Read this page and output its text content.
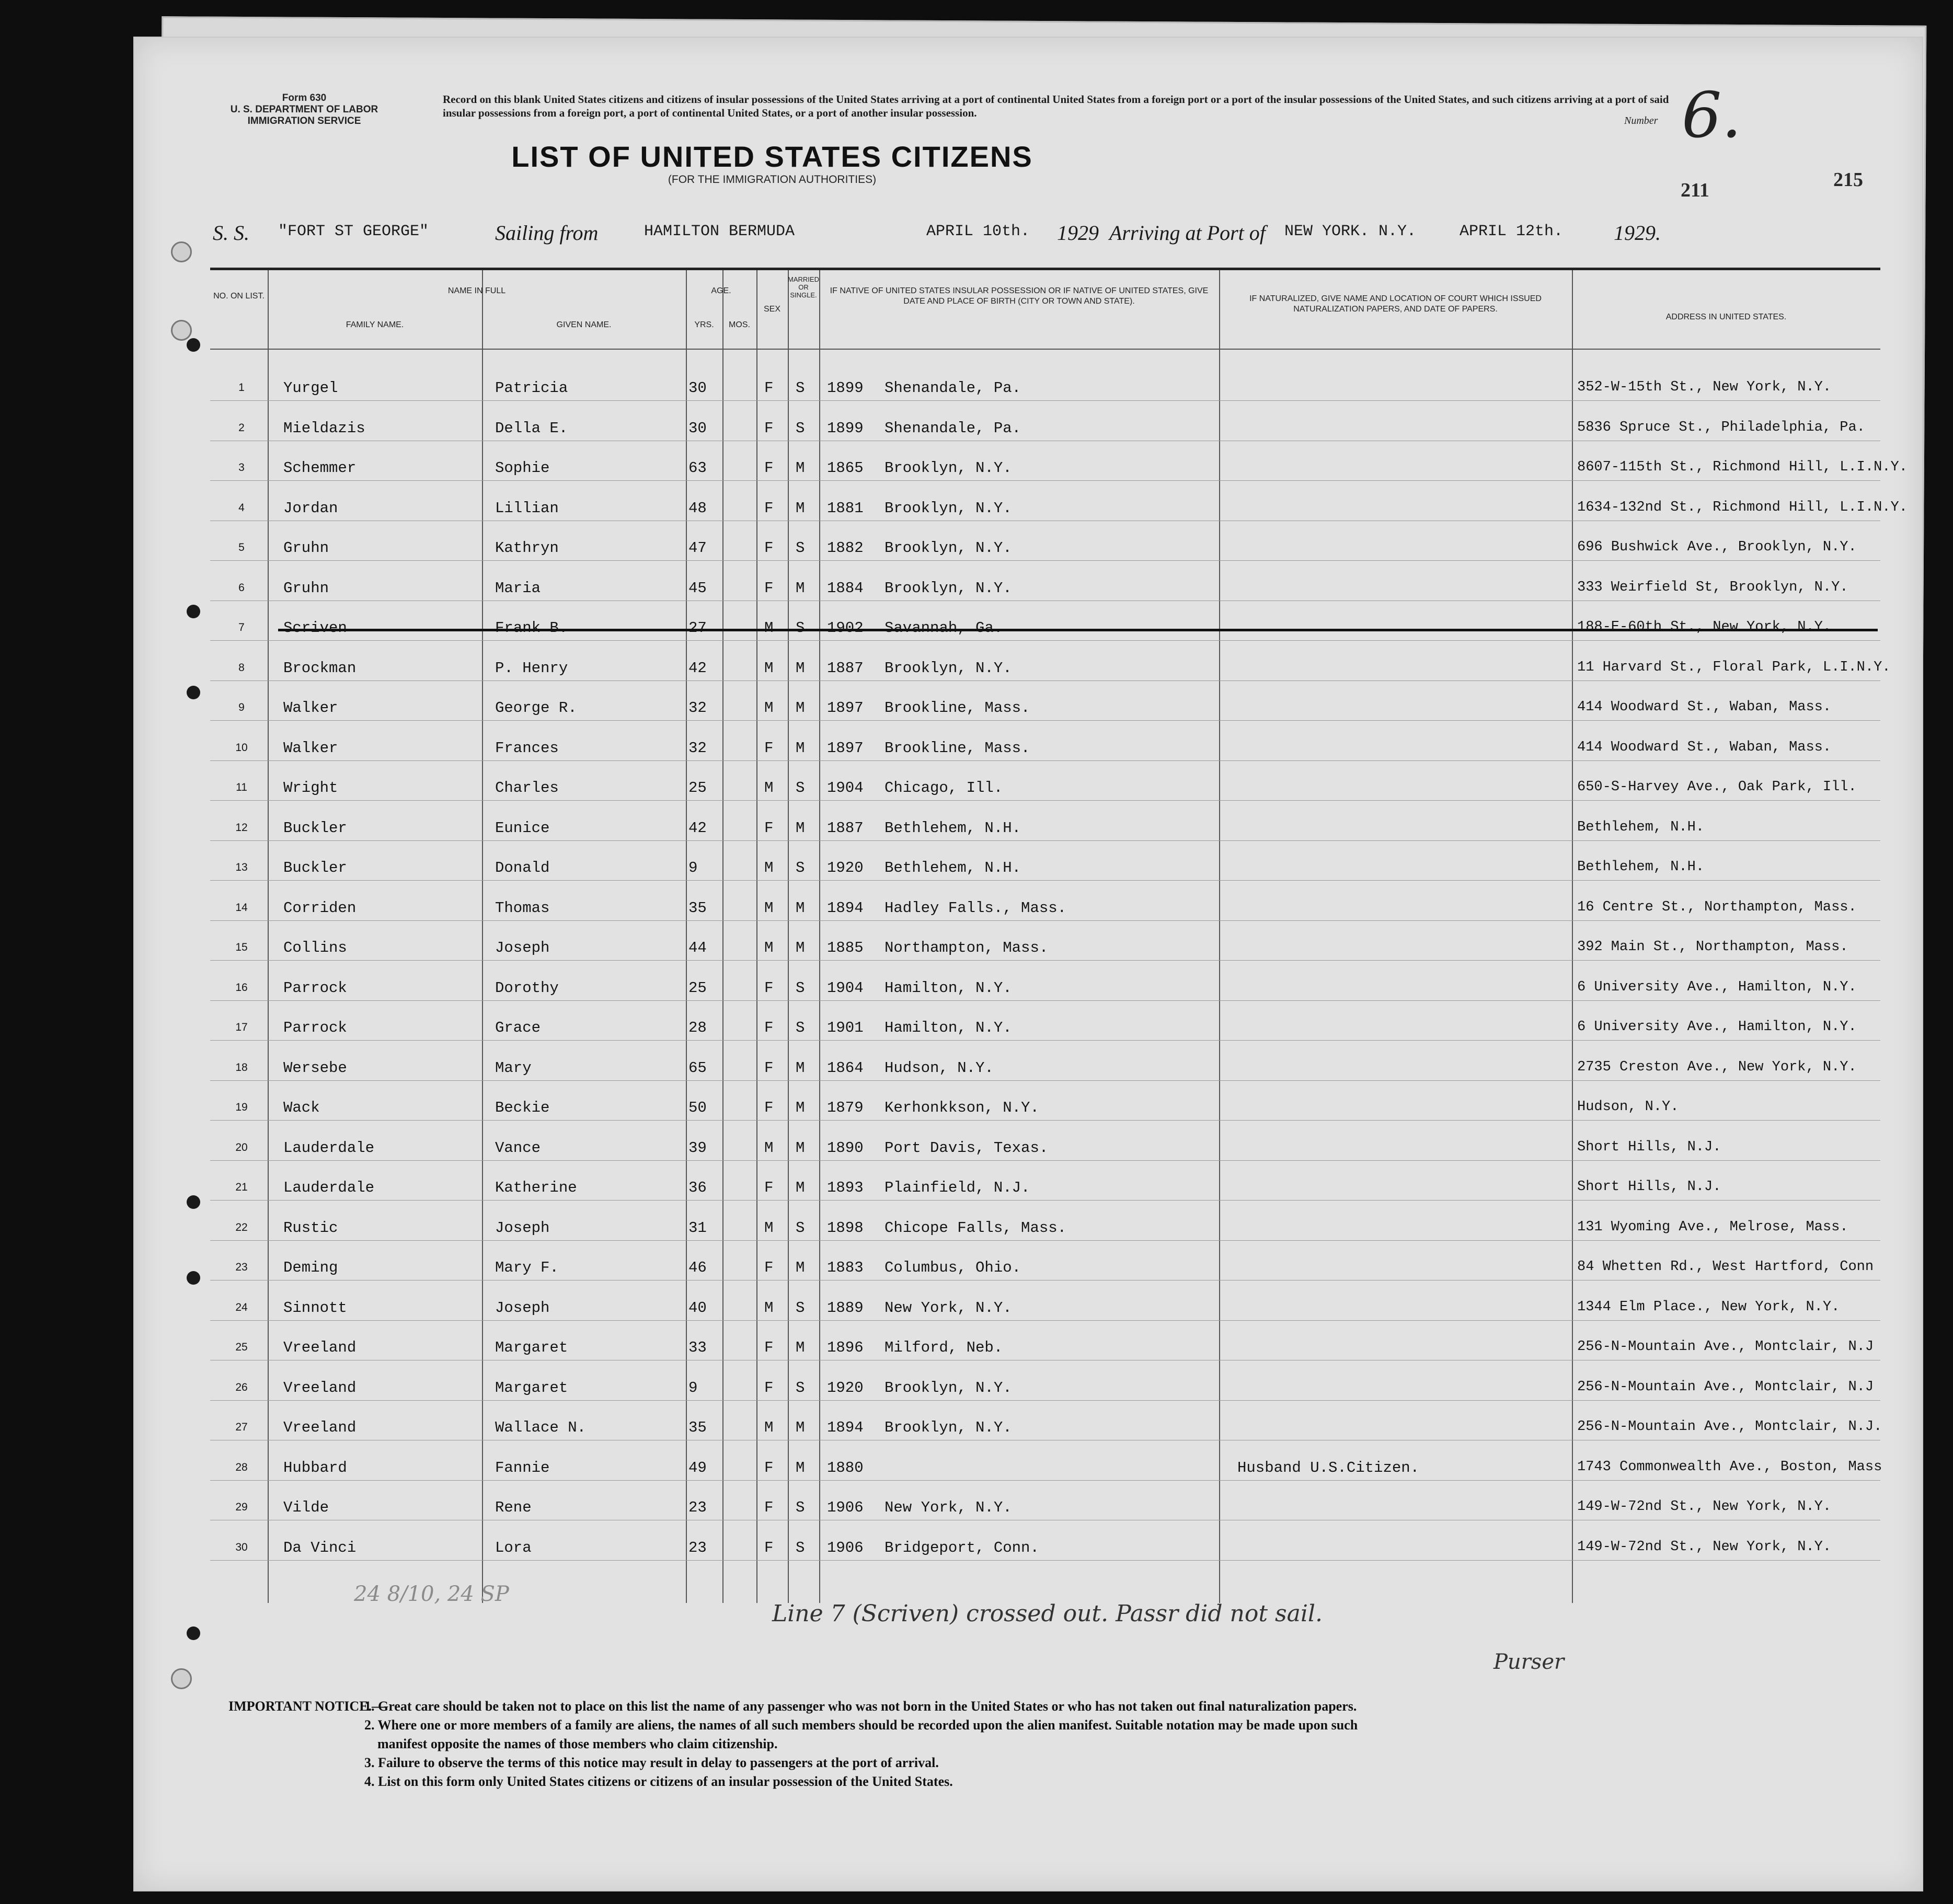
Form 630
U. S. DEPARTMENT OF LABOR
IMMIGRATION SERVICE
Record on this blank United States citizens and citizens of insular possessions of the United States arriving at a port of continental United States from a foreign port or a port of the insular possessions of the United States, and such citizens arriving at a port of said insular possessions from a foreign port, a port of continental United States, or a port of another insular possession.
Number 6.
211	215
LIST OF UNITED STATES CITIZENS
(FOR THE IMMIGRATION AUTHORITIES)
S. S. "FORT ST GEORGE"	Sailing from	HAMILTON BERMUDA	APRIL 10th. 1929 Arriving at Port of NEW YORK. N.Y.	APRIL 12th. 1929.
NO. ON LIST.
NAME IN FULL
FAMILY NAME.	GIVEN NAME.
AGE.
YRS.	MOS.
SEX
MARRIED OR SINGLE.	IF NATIVE OF UNITED STATES INSULAR POSSESSION OR IF NATIVE OF UNITED STATES, GIVE DATE AND PLACE OF BIRTH (CITY OR TOWN AND STATE).	IF NATURALIZED, GIVE NAME AND LOCATION OF COURT WHICH ISSUED NATURALIZATION PAPERS, AND DATE OF PAPERS.
ADDRESS IN UNITED STATES.
1	Yurgel	Patricia	30	F S 1899 Shenandale, Pa.	352-W-15th St., New York, N.Y.
2	Mieldazis	Della E.	30	F S 1899 Shenandale, Pa.	5836 Spruce St., Philadelphia, Pa.
3	Schemmer	Sophie	63	F M 1865 Brooklyn, N.Y.	8607-115th St., Richmond Hill, L.I.N.Y.
4	Jordan	Lillian	48	F M 1881 Brooklyn, N.Y.	1634-132nd St., Richmond Hill, L.I.N.Y.
5	Gruhn	Kathryn	47	F S 1882 Brooklyn, N.Y.	696 Bushwick Ave., Brooklyn, N.Y.
6	Gruhn	Maria	45	F M 1884 Brooklyn, N.Y.	333 Weirfield St, Brooklyn, N.Y.
7	Scriven	Frank B.	27	M S 1902 Savannah, Ga.	188-E-60th St., New York, N.Y.
8	Brockman	P. Henry	42	M M 1887 Brooklyn, N.Y.	11 Harvard St., Floral Park, L.I.N.Y.
9	Walker	George R.	32	M M 1897 Brookline, Mass.	414 Woodward St., Waban, Mass.
10 Walker	Frances	32	F M 1897 Brookline, Mass.	414 Woodward St., Waban, Mass.
11 Wright	Charles	25	M S 1904 Chicago, Ill.	650-S-Harvey Ave., Oak Park, Ill.
12 Buckler	Eunice	42	F M 1887 Bethlehem, N.H.	Bethlehem, N.H.
13 Buckler	Donald	9	M S 1920 Bethlehem, N.H.	Bethlehem, N.H.
14 Corriden	Thomas	35	M M 1894 Hadley Falls., Mass.	16 Centre St., Northampton, Mass.
15 Collins	Joseph	44	M M 1885 Northampton, Mass.	392 Main St., Northampton, Mass.
16 Parrock	Dorothy	25	F S 1904 Hamilton, N.Y.	6 University Ave., Hamilton, N.Y.
17 Parrock	Grace	28	F S 1901 Hamilton, N.Y.	6 University Ave., Hamilton, N.Y.
18 Wersebe	Mary	65	F M 1864 Hudson, N.Y.	2735 Creston Ave., New York, N.Y.
19 Wack	Beckie	50	F M 1879 Kerhonkkson, N.Y.	Hudson, N.Y.
20 Lauderdale	Vance	39	M M 1890 Port Davis, Texas.	Short Hills, N.J.
21 Lauderdale	Katherine	36	F M 1893 Plainfield, N.J.	Short Hills, N.J.
22 Rustic	Joseph	31	M S 1898 Chicope Falls, Mass.	131 Wyoming Ave., Melrose, Mass.
23 Deming	Mary F.	46	F M 1883 Columbus, Ohio.	84 Whetten Rd., West Hartford, Conn
24 Sinnott	Joseph	40	M S 1889 New York, N.Y.	1344 Elm Place., New York, N.Y.
25 Vreeland	Margaret	33	F M 1896 Milford, Neb.	256-N-Mountain Ave., Montclair, N.J
26 Vreeland	Margaret	9	F S 1920 Brooklyn, N.Y.	256-N-Mountain Ave., Montclair, N.J
27 Vreeland	Wallace N.	35	M M 1894 Brooklyn, N.Y.	256-N-Mountain Ave., Montclair, N.J.
28 Hubbard	Fannie	49	F M 1880	Husband U.S.Citizen.	1743 Commonwealth Ave., Boston, Mass
29 Vilde	Rene	23	F S 1906 New York, N.Y.	149-W-72nd St., New York, N.Y.
30 Da Vinci	Lora	23	F S 1906 Bridgeport, Conn.	149-W-72nd St., New York, N.Y.
Line 7 (Scriven) crossed out. Passr did not sail.
24 8/10, 24 SP
Purser
IMPORTANT NOTICE.—
1. Great care should be taken not to place on this list the name of any passenger who was not born in the United States or who has not taken out final naturalization papers.
2. Where one or more members of a family are aliens, the names of all such members should be recorded upon the alien manifest. Suitable notation may be made upon such
manifest opposite the names of those members who claim citizenship.
3. Failure to observe the terms of this notice may result in delay to passengers at the port of arrival.
4. List on this form only United States citizens or citizens of an insular possession of the United States.
